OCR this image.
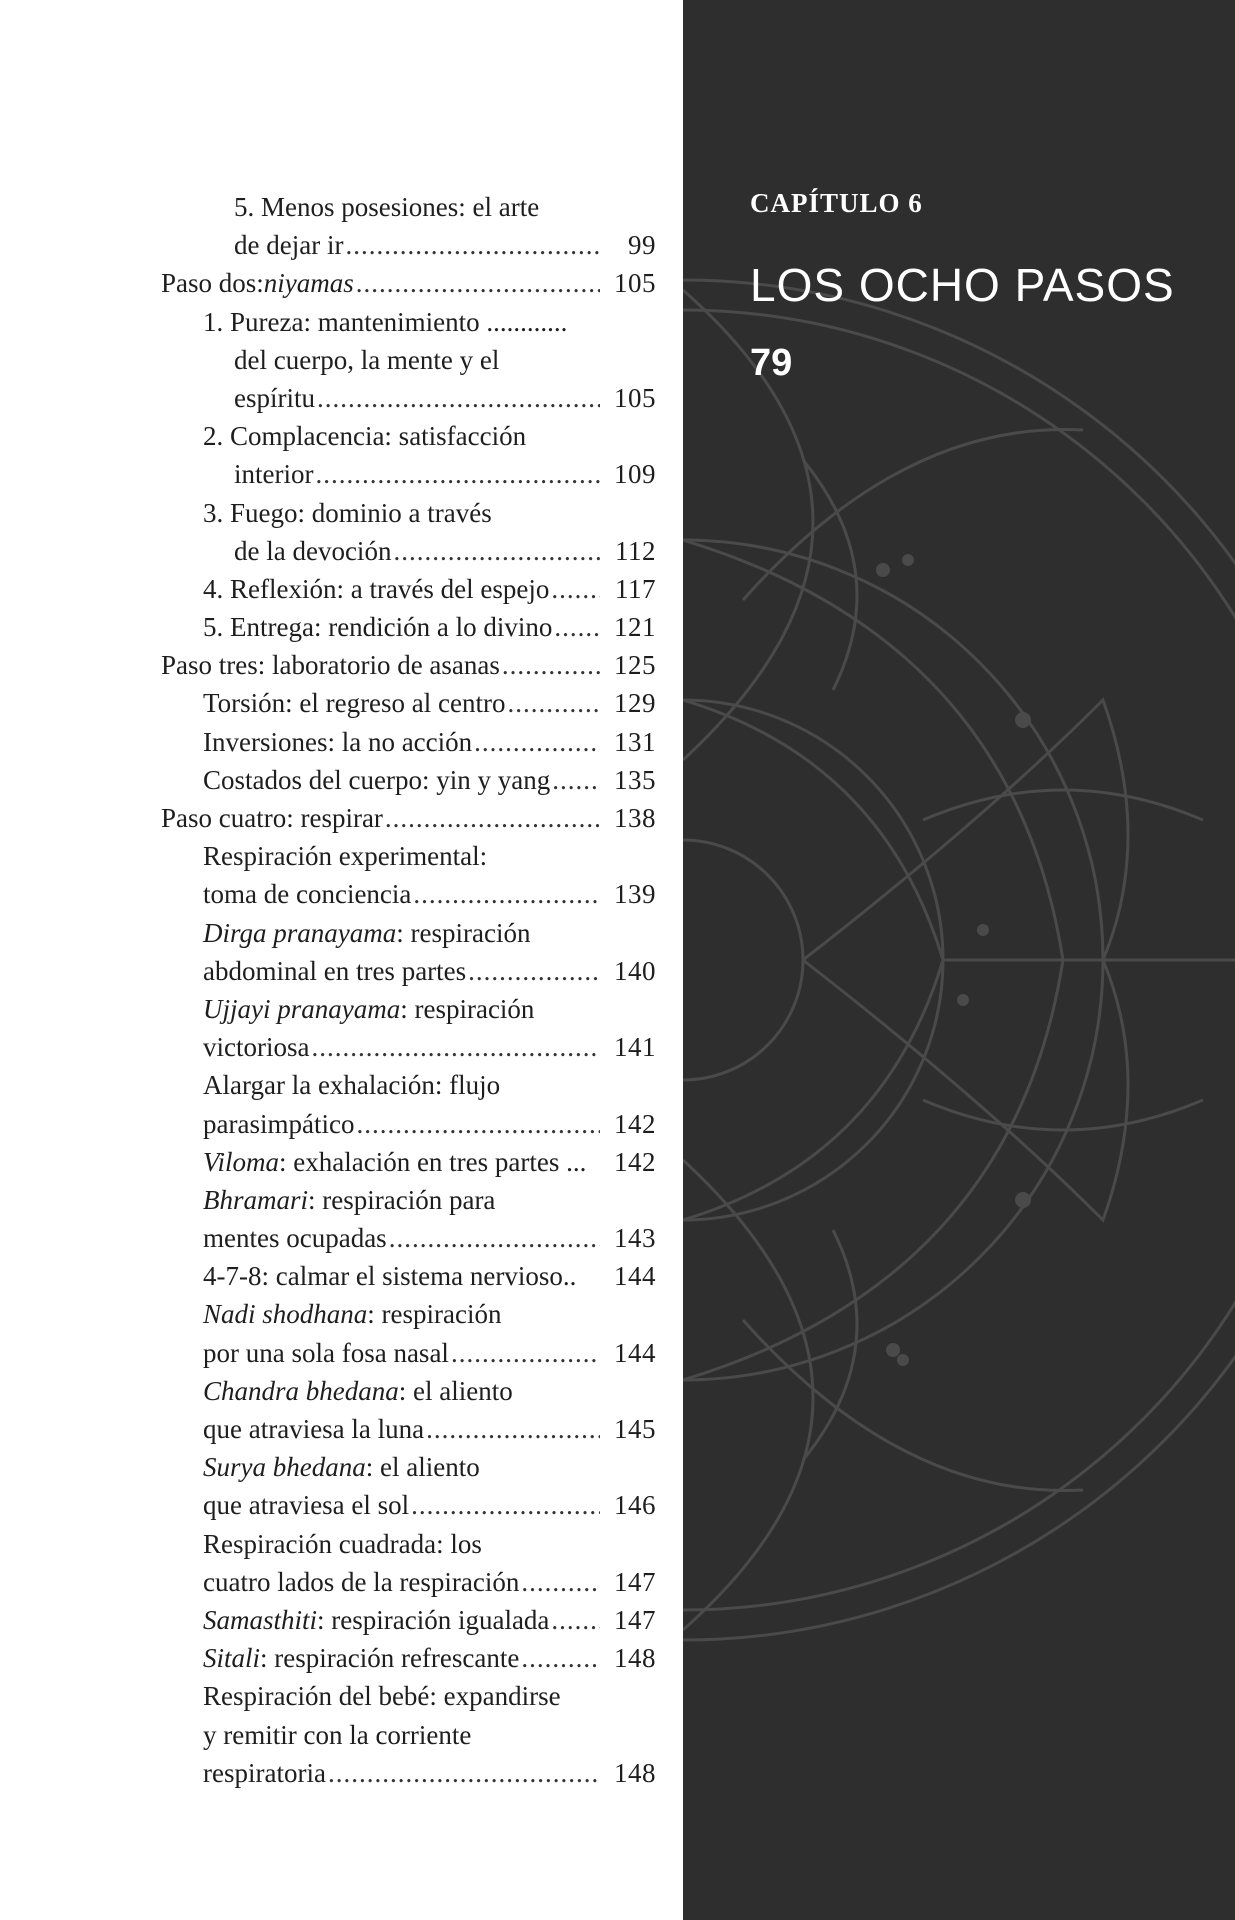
5. Menos posesiones: el arte
de dejar ir .....	99
Paso dos: niyamas .....	105
1. Pureza: mantenimiento ............
del cuerpo, la mente y el
espíritu .....	105
2. Complacencia: satisfacción
interior .....	109
3. Fuego: dominio a través
de la devoción .....	112
4. Reflexión: a través del espejo .....	117
5. Entrega: rendición a lo divino ..... 121
Paso tres: laboratorio de asanas .....	125
Torsión: el regreso al centro .....	129
Inversiones: la no acción .....	131
Costados del cuerpo: yin y yang ..... 135
Paso cuatro: respirar .....	138
Respiración experimental:
toma de conciencia .....	139
Dirga pranayama : respiración
abdominal en tres partes .....	140
Ujjayi pranayama : respiración
victoriosa .....	141
Alargar la exhalación: flujo
parasimpático .....	142
Viloma : exhalación en tres partes ... 142
Bhramari : respiración para
mentes ocupadas .....	143
4-7-8: calmar el sistema nervioso.. 144
Nadi shodhana : respiración
por una sola fosa nasal .....	144
Chandra bhedana : el aliento
que atraviesa la luna .....	145
Surya bhedana : el aliento
que atraviesa el sol .....	146
Respiración cuadrada: los
cuatro lados de la respiración .....	147
Samasthiti : respiración igualada ..... 147
Sitali : respiración refrescante .....	148
Respiración del bebé: expandirse
y remitir con la corriente
respiratoria .....	148
CAPÍTULO 6
LOS OCHO PASOS
79
